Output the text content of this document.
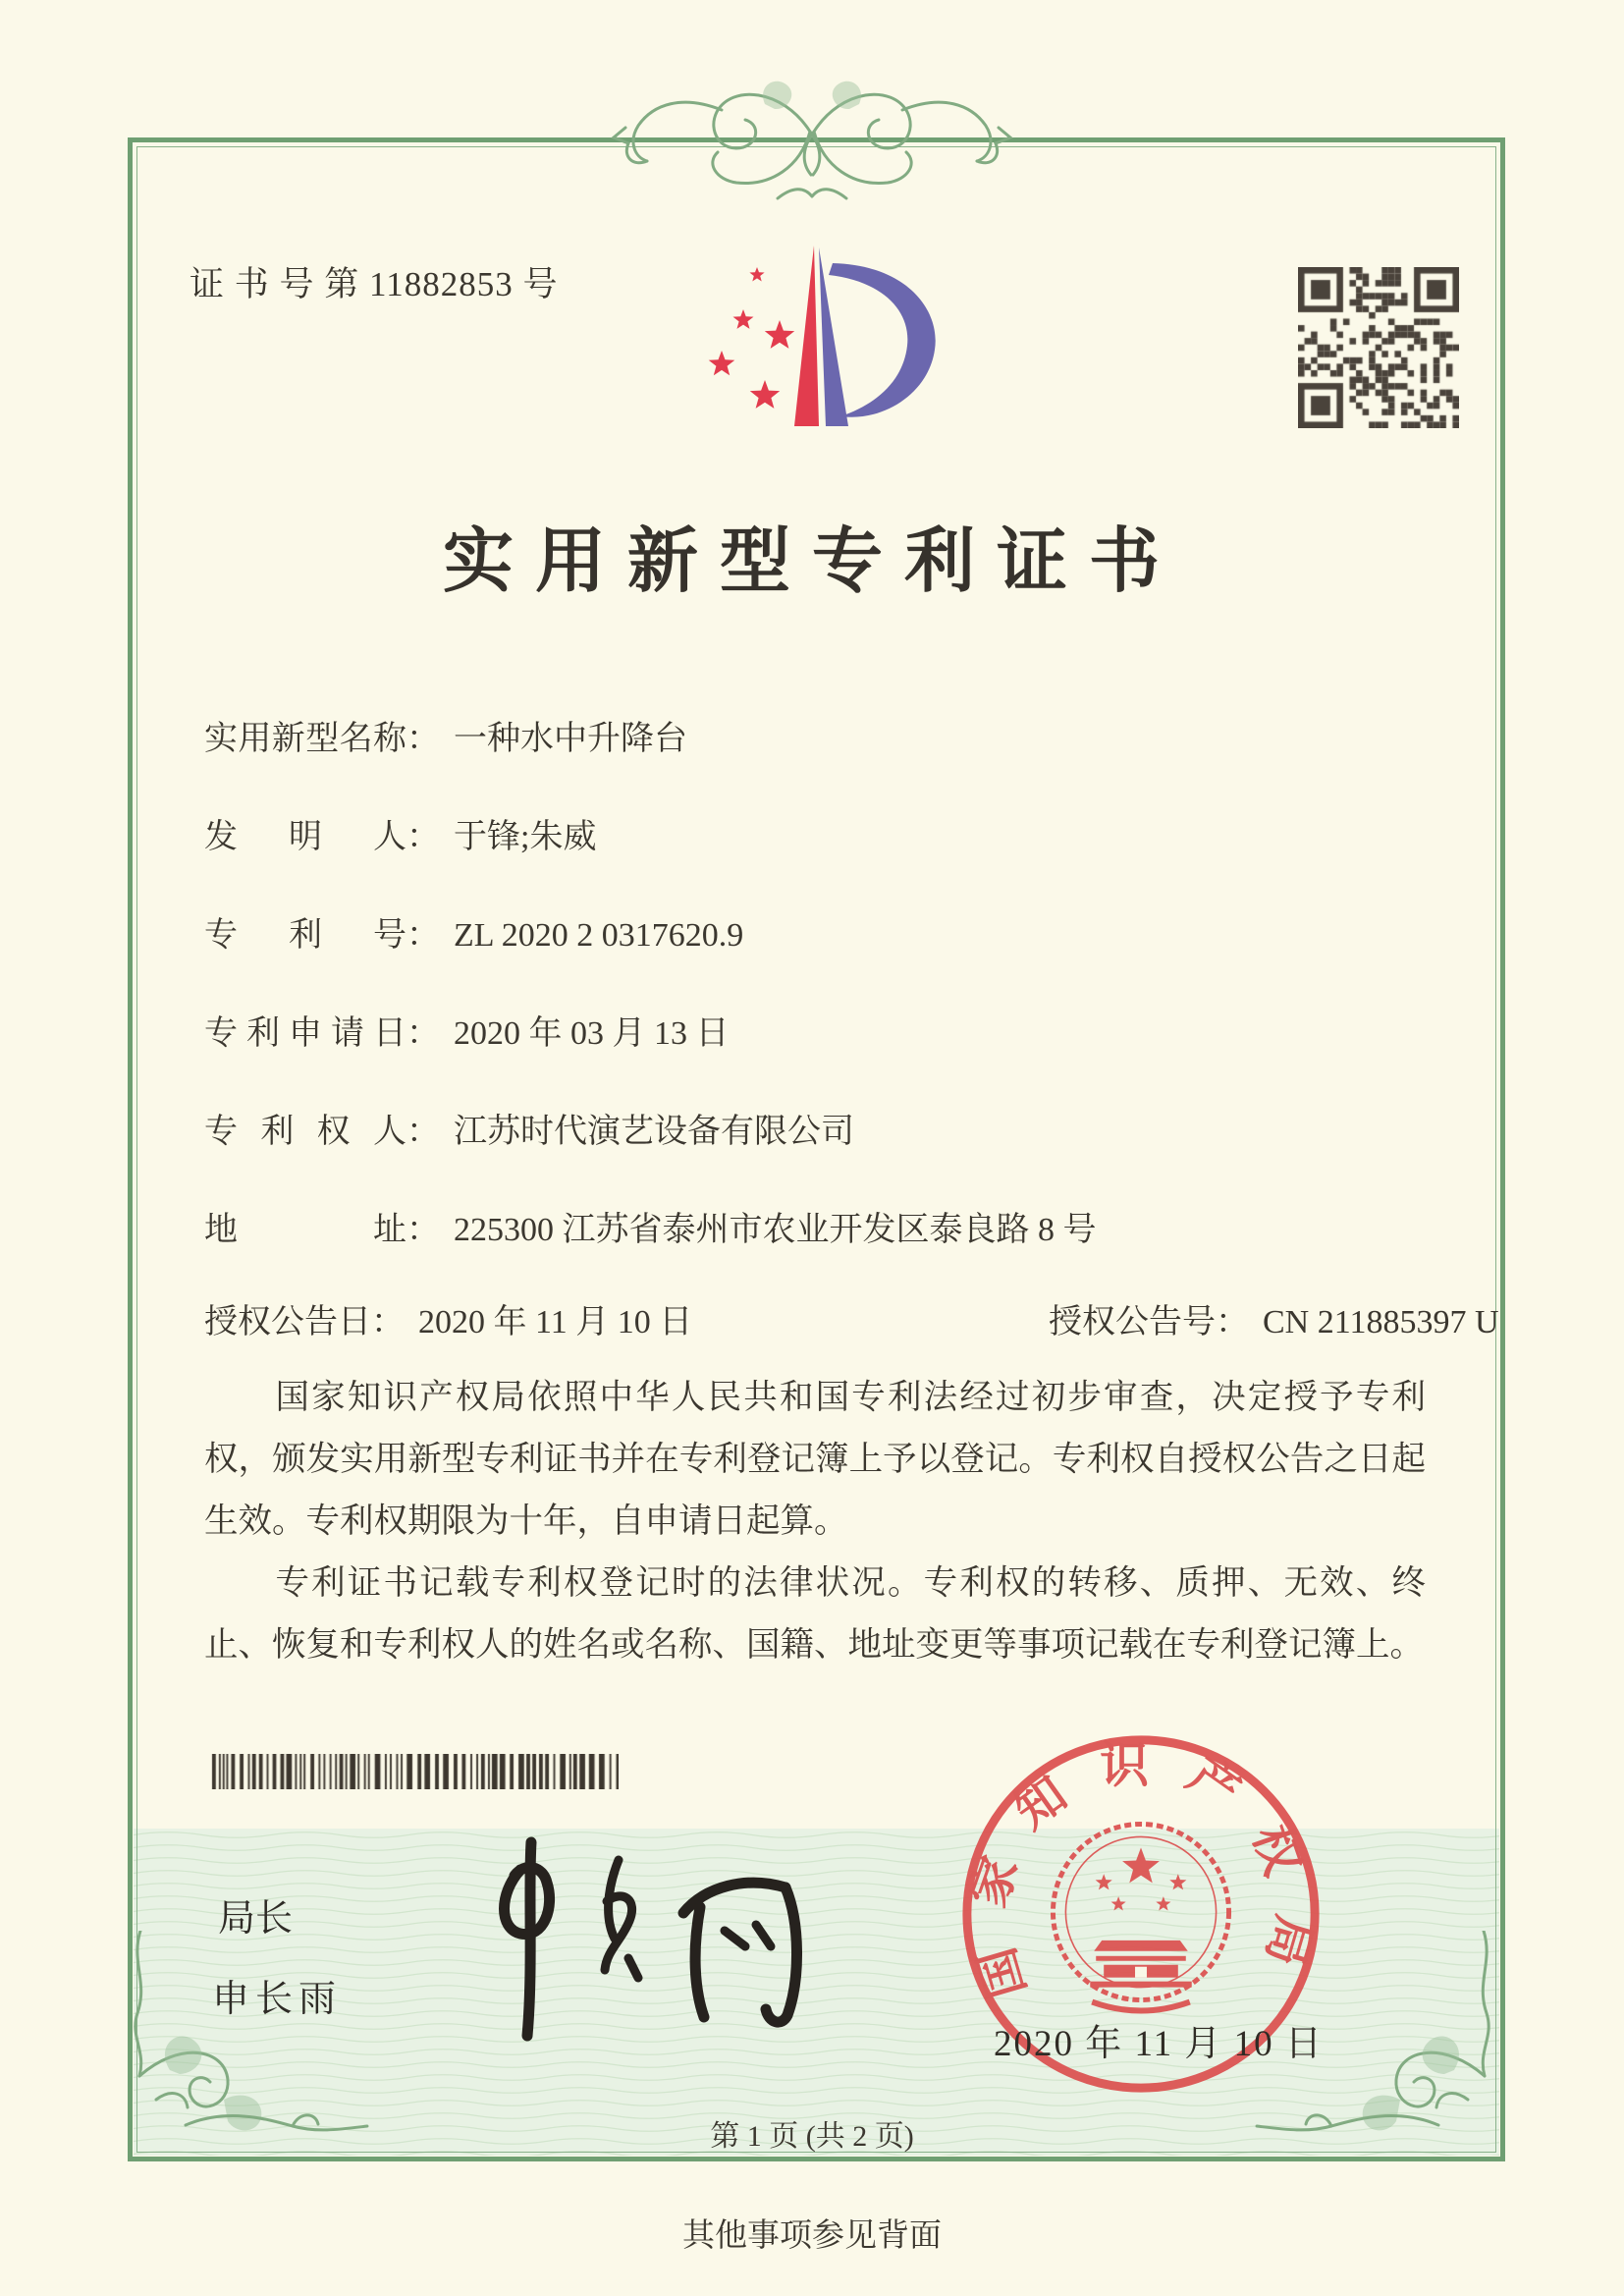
证 书 号 第 11882853 号
实用新型专利证书
实用新型名称： 一种水中升降台
发明人： 于锋;朱威
专利号： ZL 2020 2 0317620.9
专利申请日： 2020 年 03 月 13 日
专利权人： 江苏时代演艺设备有限公司
地址： 225300 江苏省泰州市农业开发区泰良路 8 号
授权公告日： 2020 年 11 月 10 日	授权公告号： CN 211885397 U

国家知识产权局依照中华人民共和国专利法经过初步审查，决定授予专利权，颁发实用新型专利证书并在专利登记簿上予以登记。专利权自授权公告之日起生效。专利权期限为十年，自申请日起算。

专利证书记载专利权登记时的法律状况。专利权的转移、质押、无效、终止、恢复和专利权人的姓名或名称、国籍、地址变更等事项记载在专利登记簿上。

局长
申长雨	国家知识产权局
2020 年 11 月 10 日
第 1 页 (共 2 页)
其他事项参见背面
